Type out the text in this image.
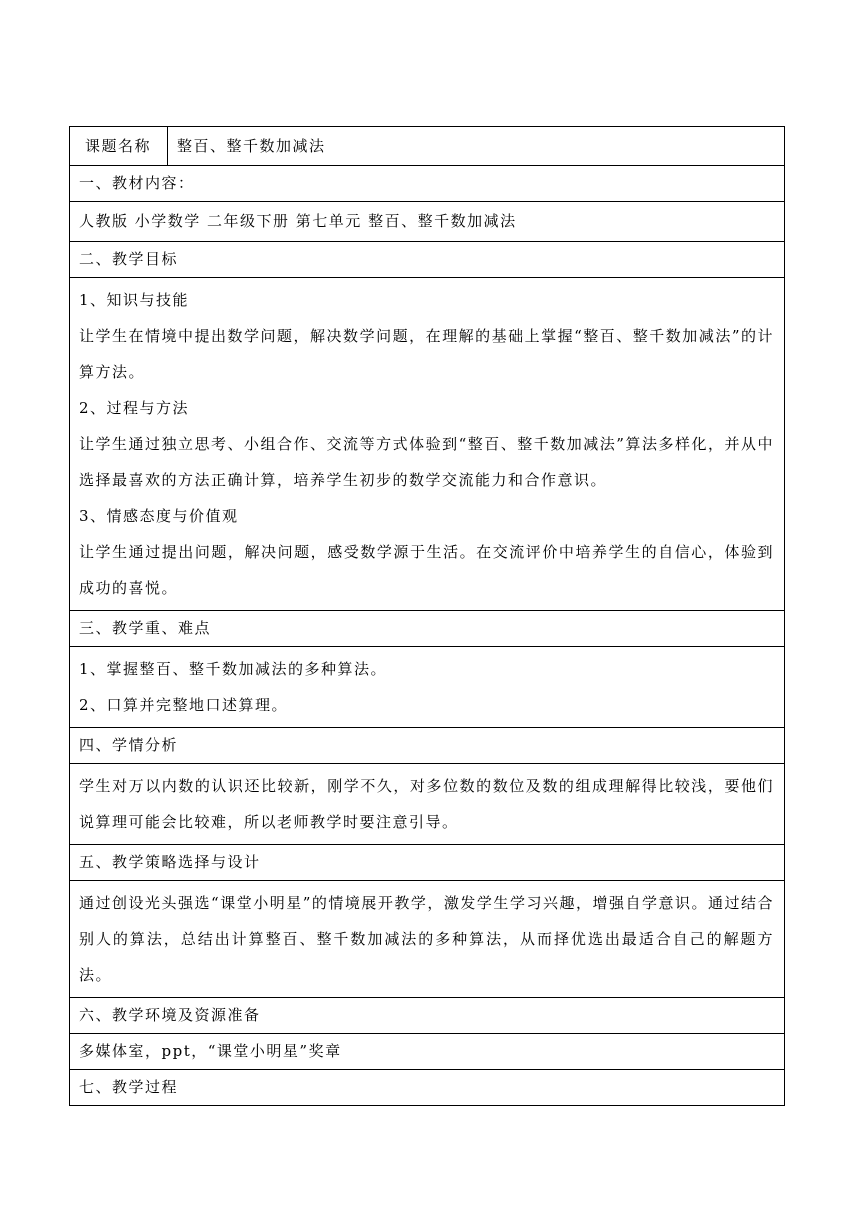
课题名称	整百、整千数加减法
一、教材内容：
人教版 小学数学 二年级下册 第七单元 整百、整千数加减法
二、教学目标

1、知识与技能
让学生在情境中提出数学问题，解决数学问题，在理解的基础上掌握“整百、整千数加减法”的计算方法。
2、过程与方法
让学生通过独立思考、小组合作、交流等方式体验到“整百、整千数加减法”算法多样化，并从中选择最喜欢的方法正确计算，培养学生初步的数学交流能力和合作意识。
3、情感态度与价值观
让学生通过提出问题，解决问题，感受数学源于生活。在交流评价中培养学生的自信心，体验到成功的喜悦。

三、教学重、难点

1、掌握整百、整千数加减法的多种算法。
2、口算并完整地口述算理。

四、学情分析

学生对万以内数的认识还比较新，刚学不久，对多位数的数位及数的组成理解得比较浅，要他们说算理可能会比较难，所以老师教学时要注意引导。

五、教学策略选择与设计

通过创设光头强选“课堂小明星”的情境展开教学，激发学生学习兴趣，增强自学意识。通过结合别人的算法，总结出计算整百、整千数加减法的多种算法，从而择优选出最适合自己的解题方法。

六、教学环境及资源准备
多媒体室，ppt，“课堂小明星”奖章
七、教学过程
